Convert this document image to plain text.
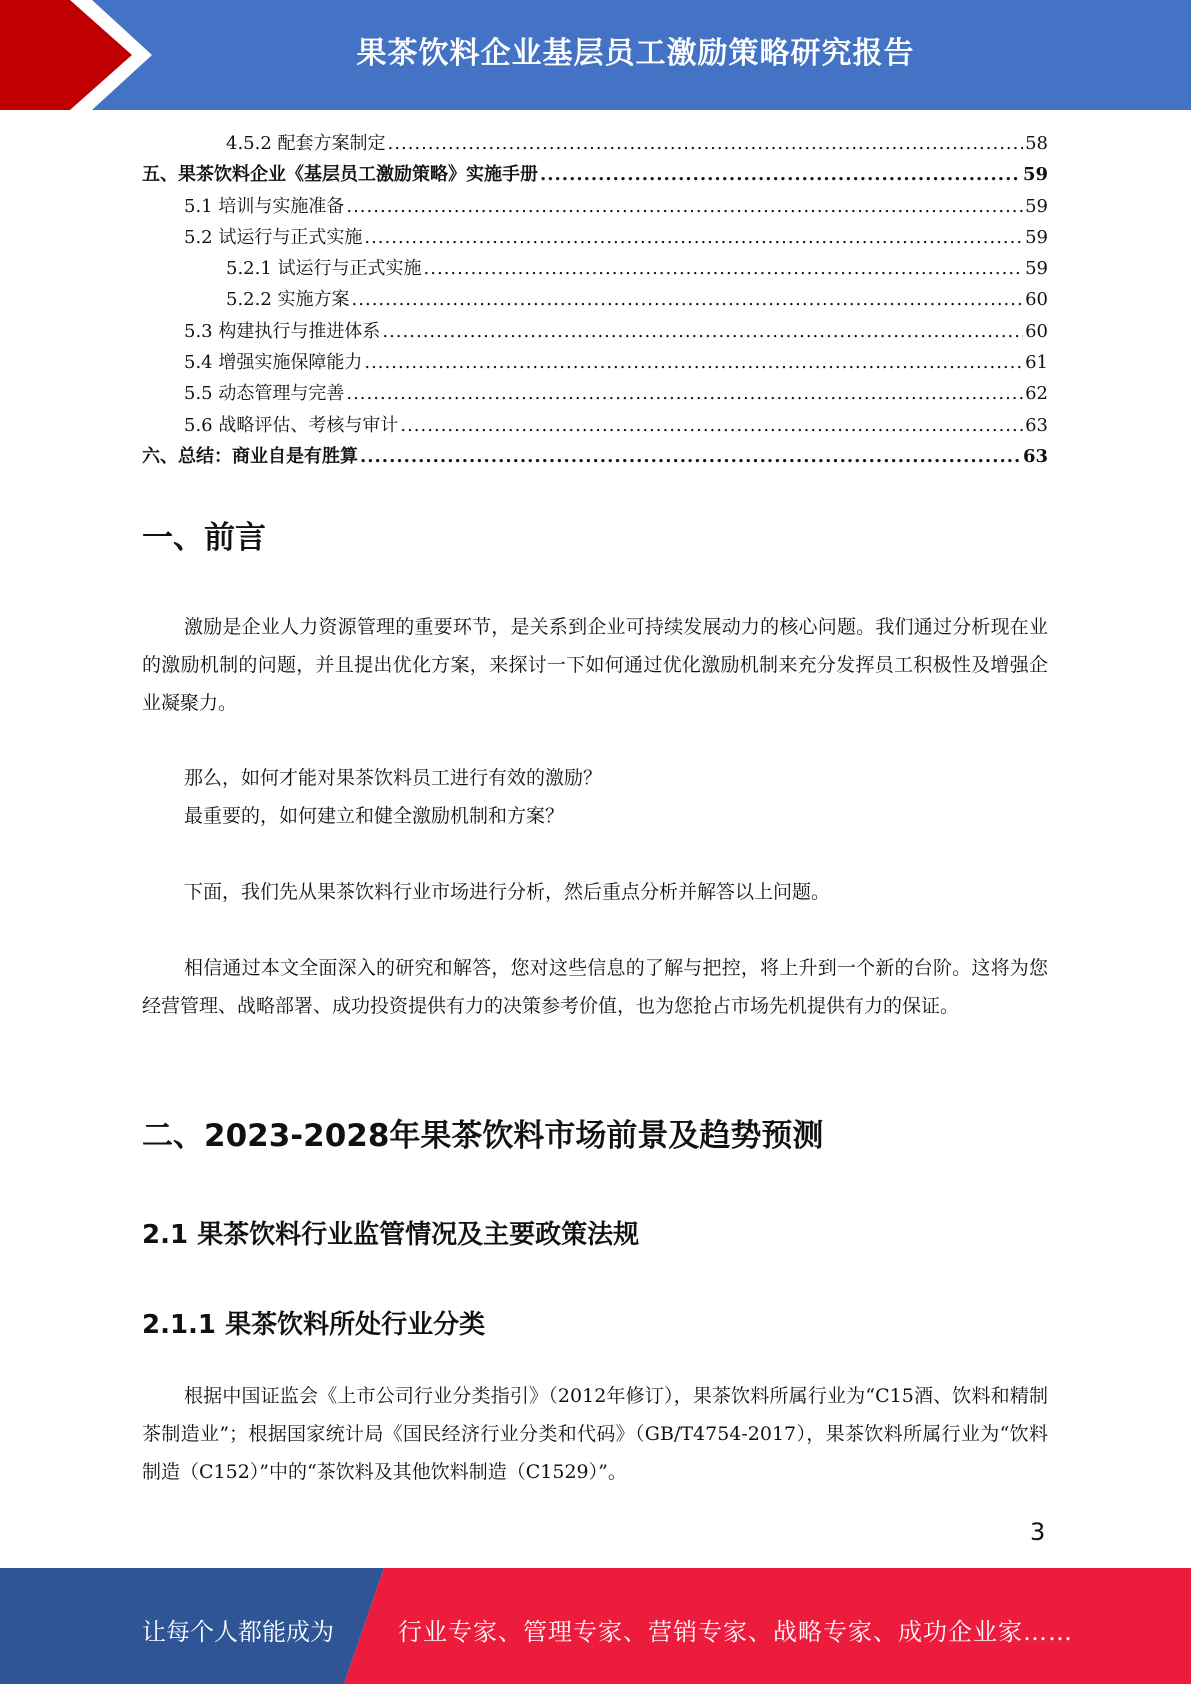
果茶饮料企业基层员工激励策略研究报告
4.5.2 配套方案制定 .....	58
五、果茶饮料企业《基层员工激励策略》实施手册 .....	59
5.1 培训与实施准备 .....	59
5.2 试运行与正式实施 .....	59
5.2.1 试运行与正式实施 .....	59
5.2.2 实施方案 .....	60
5.3 构建执行与推进体系 .....	60
5.4 增强实施保障能力 .....	61
5.5 动态管理与完善 .....	62
5.6 战略评估、考核与审计 .....	63
六、总结：商业自是有胜算 .....	63
一、前言

激励是企业人力资源管理的重要环节，是关系到企业可持续发展动力的核心问题。我们通过分析现在业的激励机制的问题，并且提出优化方案，来探讨一下如何通过优化激励机制来充分发挥员工积极性及增强企业凝聚力。

那么，如何才能对果茶饮料员工进行有效的激励？

最重要的，如何建立和健全激励机制和方案？

下面，我们先从果茶饮料行业市场进行分析，然后重点分析并解答以上问题。

相信通过本文全面深入的研究和解答，您对这些信息的了解与把控，将上升到一个新的台阶。这将为您经营管理、战略部署、成功投资提供有力的决策参考价值，也为您抢占市场先机提供有力的保证。

二、2023-2028年果茶饮料市场前景及趋势预测
2.1 果茶饮料行业监管情况及主要政策法规
2.1.1 果茶饮料所处行业分类

根据中国证监会《上市公司行业分类指引》（2012年修订），果茶饮料所属行业为“C15酒、饮料和精制茶制造业”；根据国家统计局《国民经济行业分类和代码》（GB/T4754-2017），果茶饮料所属行业为“饮料制造（C152）”中的“茶饮料及其他饮料制造（C1529）”。

3
让每个人都能成为	行业专家、管理专家、营销专家、战略专家、成功企业家……
